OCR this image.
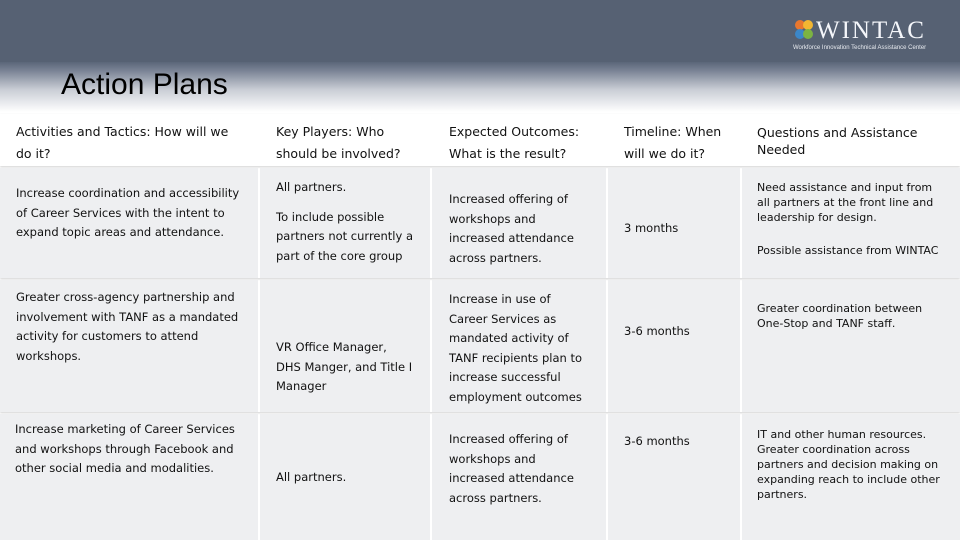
Action Plans
WINTAC
Workforce Innovation Technical Assistance Center
Activities and Tactics: How will we do it?
Key Players: Who should be involved?
Expected Outcomes: What is the result?
Timeline: When will we do it?
Questions and Assistance Needed
Increase coordination and accessibility of Career Services with the intent to expand topic areas and attendance.
All partners.
To include possible partners not currently a part of the core group
Increased offering of workshops and increased attendance across partners.
3 months
Need assistance and input from all partners at the front line and leadership for design.
Possible assistance from WINTAC
Greater cross-agency partnership and involvement with TANF as a mandated activity for customers to attend workshops.
VR Office Manager, DHS Manger, and Title I Manager
Increase in use of Career Services as mandated activity of TANF recipients plan to increase successful employment outcomes
3-6 months
Greater coordination between One-Stop and TANF staff.
Increase marketing of Career Services and workshops through Facebook and other social media and modalities.
All partners.
Increased offering of workshops and increased attendance across partners.
3-6 months	IT and other human resources. Greater coordination across partners and decision making on expanding reach to include other partners.
